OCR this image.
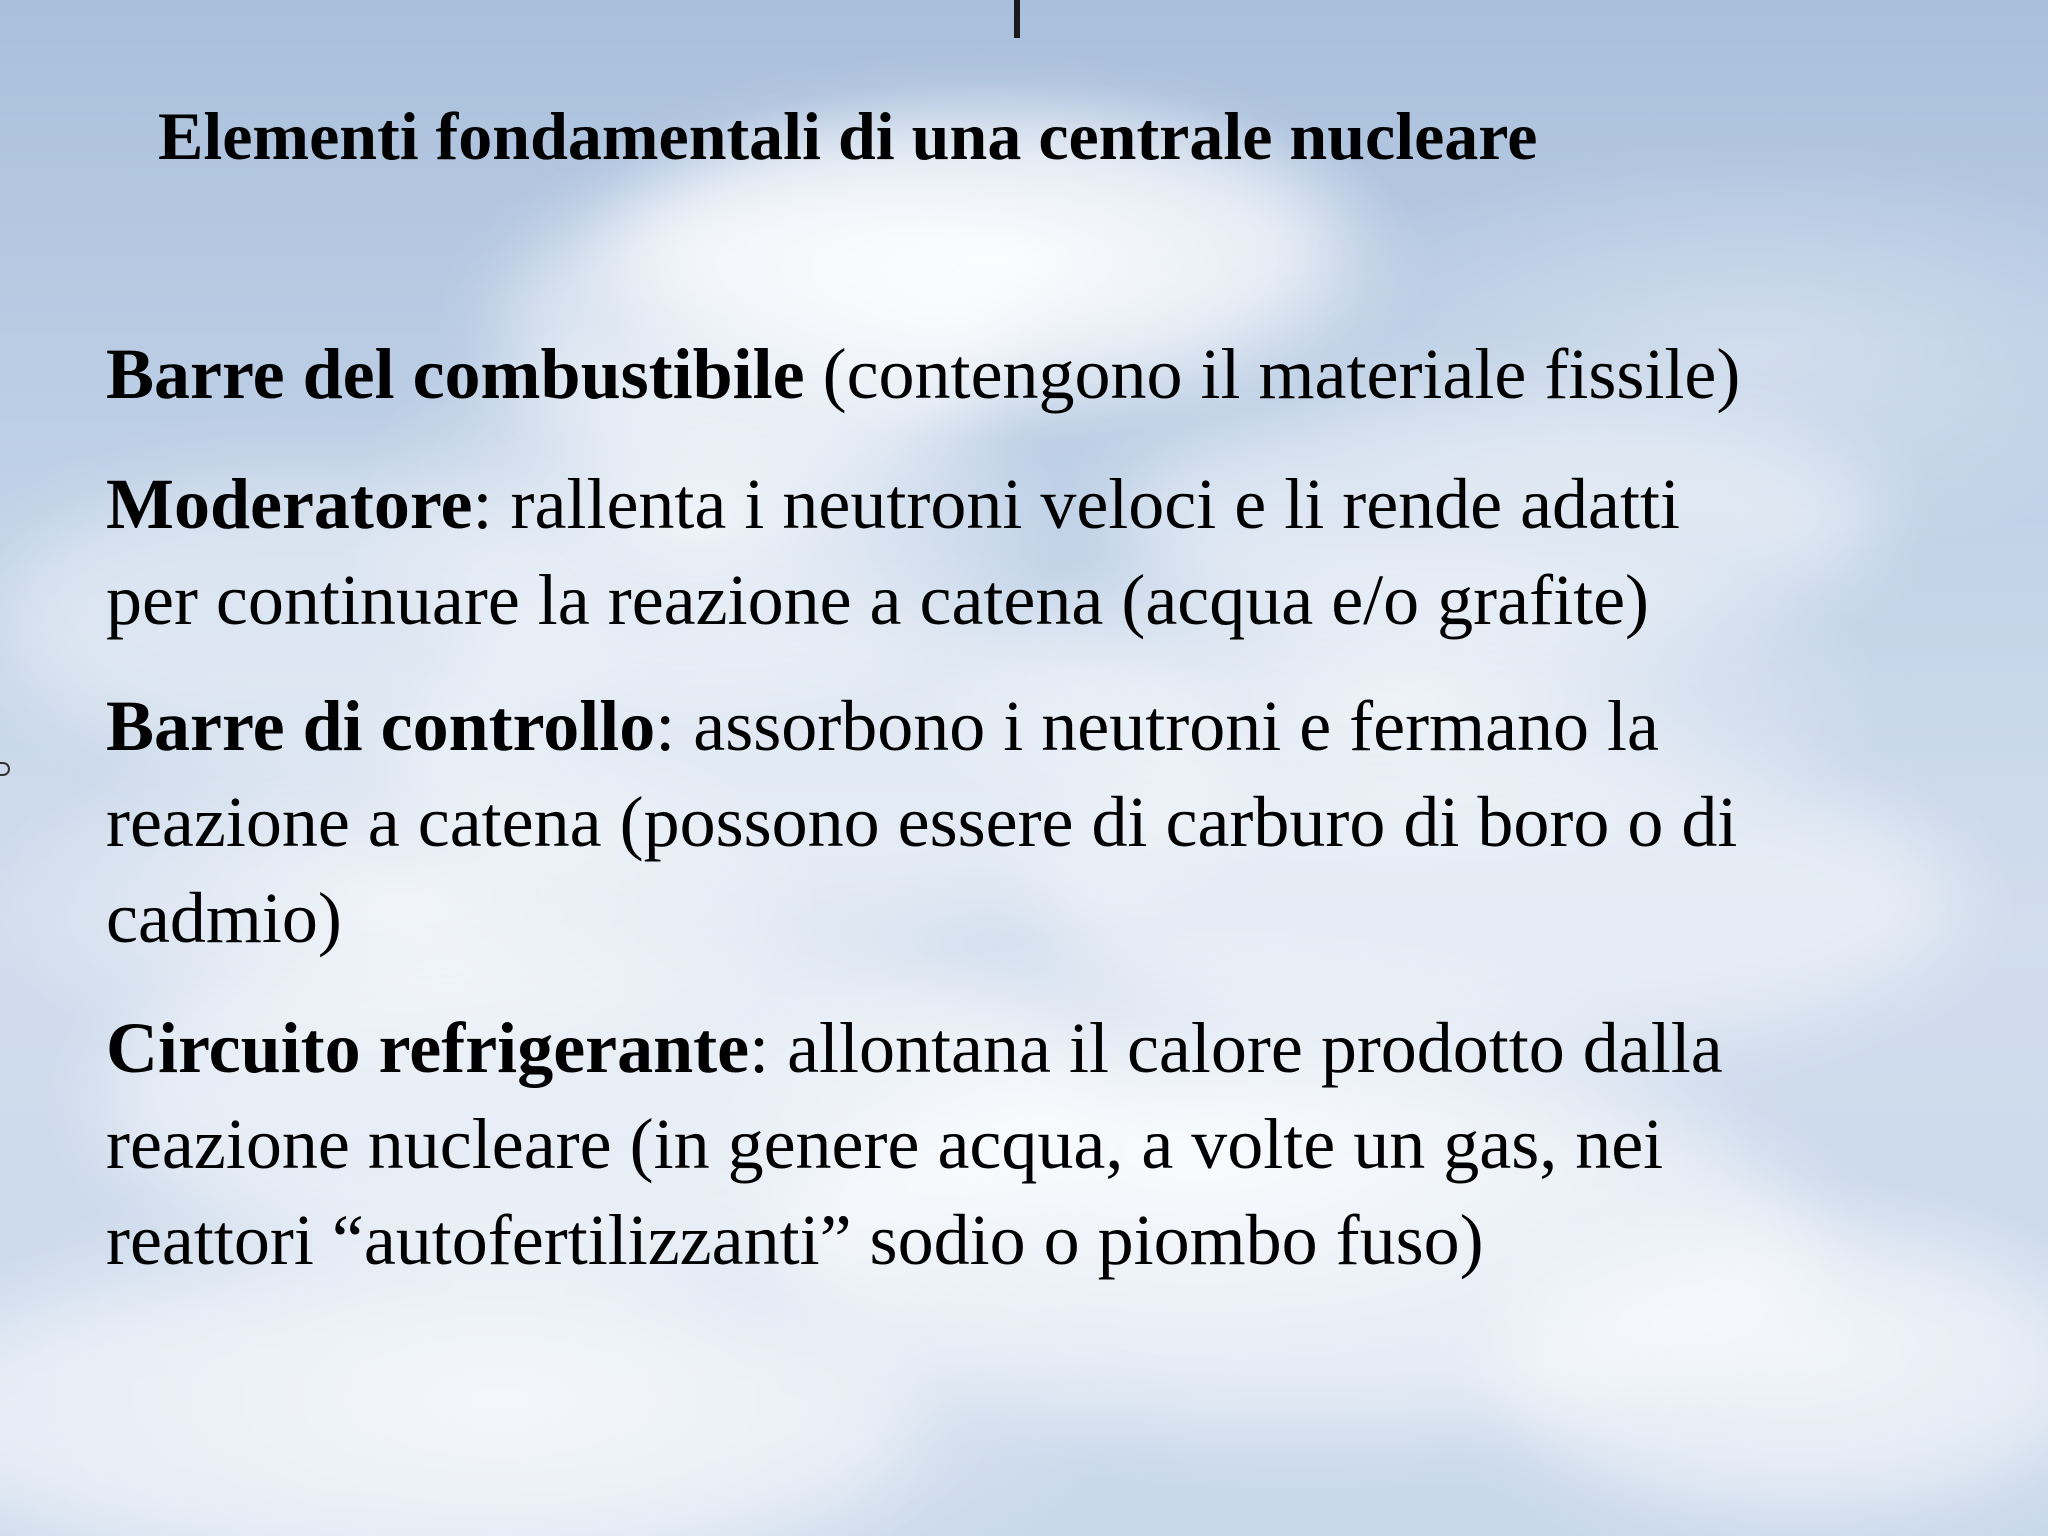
Elementi fondamentali di una centrale nucleare

Barre del combustibile (contengono il materiale fissile)

Moderatore: rallenta i neutroni veloci e li rende adatti
per continuare la reazione a catena (acqua e/o grafite)

Barre di controllo: assorbono i neutroni e fermano la
reazione a catena (possono essere di carburo di boro o di
cadmio)

Circuito refrigerante: allontana il calore prodotto dalla
reazione nucleare (in genere acqua, a volte un gas, nei
reattori “autofertilizzanti” sodio o piombo fuso)
